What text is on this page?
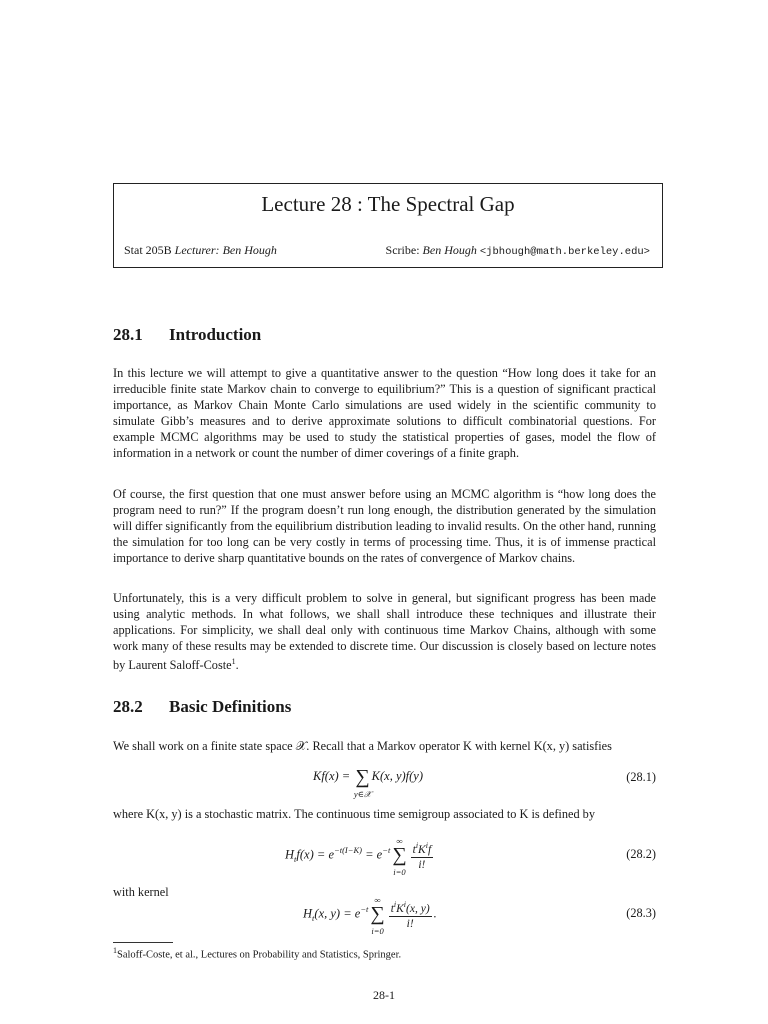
Lecture 28 : The Spectral Gap
Stat 205B Lecturer: Ben Hough	Scribe: Ben Hough <jbhough@math.berkeley.edu>
28.1 Introduction

In this lecture we will attempt to give a quantitative answer to the question “How long does it take for an irreducible finite state Markov chain to converge to equilibrium?” This is a question of significant practical importance, as Markov Chain Monte Carlo simulations are used widely in the scientific community to simulate Gibb’s measures and to derive approximate solutions to difficult combinatorial questions. For example MCMC algorithms may be used to study the statistical properties of gases, model the flow of information in a network or count the number of dimer coverings of a finite graph.

Of course, the first question that one must answer before using an MCMC algorithm is “how long does the program need to run?” If the program doesn’t run long enough, the distribution generated by the simulation will differ significantly from the equilibrium distribution leading to invalid results. On the other hand, running the simulation for too long can be very costly in terms of processing time. Thus, it is of immense practical importance to derive sharp quantitative bounds on the rates of convergence of Markov chains.

Unfortunately, this is a very difficult problem to solve in general, but significant progress has been made using analytic methods. In what follows, we shall shall introduce these techniques and illustrate their applications. For simplicity, we shall deal only with continuous time Markov Chains, although with some work many of these results may be extended to discrete time. Our discussion is closely based on lecture notes by Laurent Saloff-Coste$^1$.

28.2 Basic Definitions

We shall work on a finite state space 𝒳. Recall that a Markov operator K with kernel K(x, y) satisfies

Kf(x) = ∑
y∈𝒳
K(x, y)f(y)	(28.1)

where K(x, y) is a stochastic matrix. The continuous time semigroup associated to K is defined by

$H_tf(x) = e^{-t(I-K)} = e^{-t}$
∞
∑
i=0
$\frac{t^iK^if}{i!}$	(28.2)

with kernel

$H_t(x$, $y) = e^{-t}$
∞
∑
i=0
$\frac{t^iK^i(x, y)}{i!}$ .	(28.3)
$^1$Saloff-Coste, et al., Lectures on Probability and Statistics, Springer.
28-1
